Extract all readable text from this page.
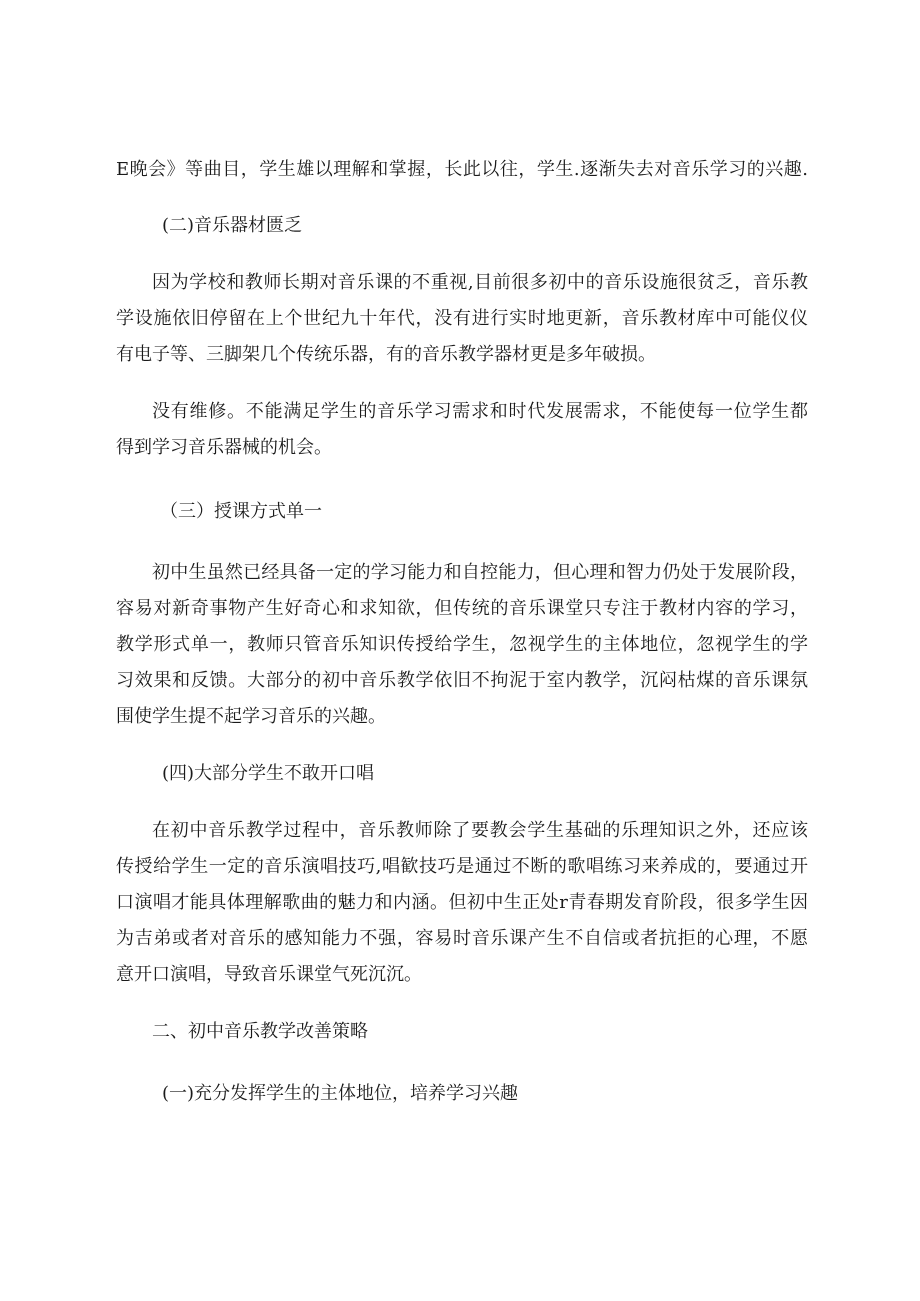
E晚会》等曲目，学生雄以理解和掌握，长此以往，学生.逐渐失去对音乐学习的兴趣.
(二)音乐器材匮乏
因为学校和教师长期对音乐课的不重视,目前很多初中的音乐设施很贫乏，音乐教
学设施依旧停留在上个世纪九十年代，没有进行实时地更新，音乐教材库中可能仪仪
有电子等、三脚架几个传统乐器，有的音乐教学器材更是多年破损。
没有维修。不能满足学生的音乐学习需求和时代发展需求，不能使每一位学生都
得到学习音乐器械的机会。
（三）授课方式单一
初中生虽然已经具备一定的学习能力和自控能力，但心理和智力仍处于发展阶段，
容易对新奇事物产生好奇心和求知欲，但传统的音乐课堂只专注于教材内容的学习，
教学形式单一，教师只管音乐知识传授给学生，忽视学生的主体地位，忽视学生的学
习效果和反馈。大部分的初中音乐教学依旧不拘泥于室内教学，沉闷枯煤的音乐课氛
围使学生提不起学习音乐的兴趣。
(四)大部分学生不敢开口唱
在初中音乐教学过程中，音乐教师除了要教会学生基础的乐理知识之外，还应该
传授给学生一定的音乐演唱技巧,唱歓技巧是通过不断的歌唱练习来养成的，要通过开
口演唱才能具体理解歌曲的魅力和内涵。但初中生正处r青春期发育阶段，很多学生因
为吉弟或者对音乐的感知能力不强，容易时音乐课产生不自信或者抗拒的心理，不愿
意开口演唱，导致音乐课堂气死沉沉。
二、初中音乐教学改善策略
(一)充分发挥学生的主体地位，培养学习兴趣
